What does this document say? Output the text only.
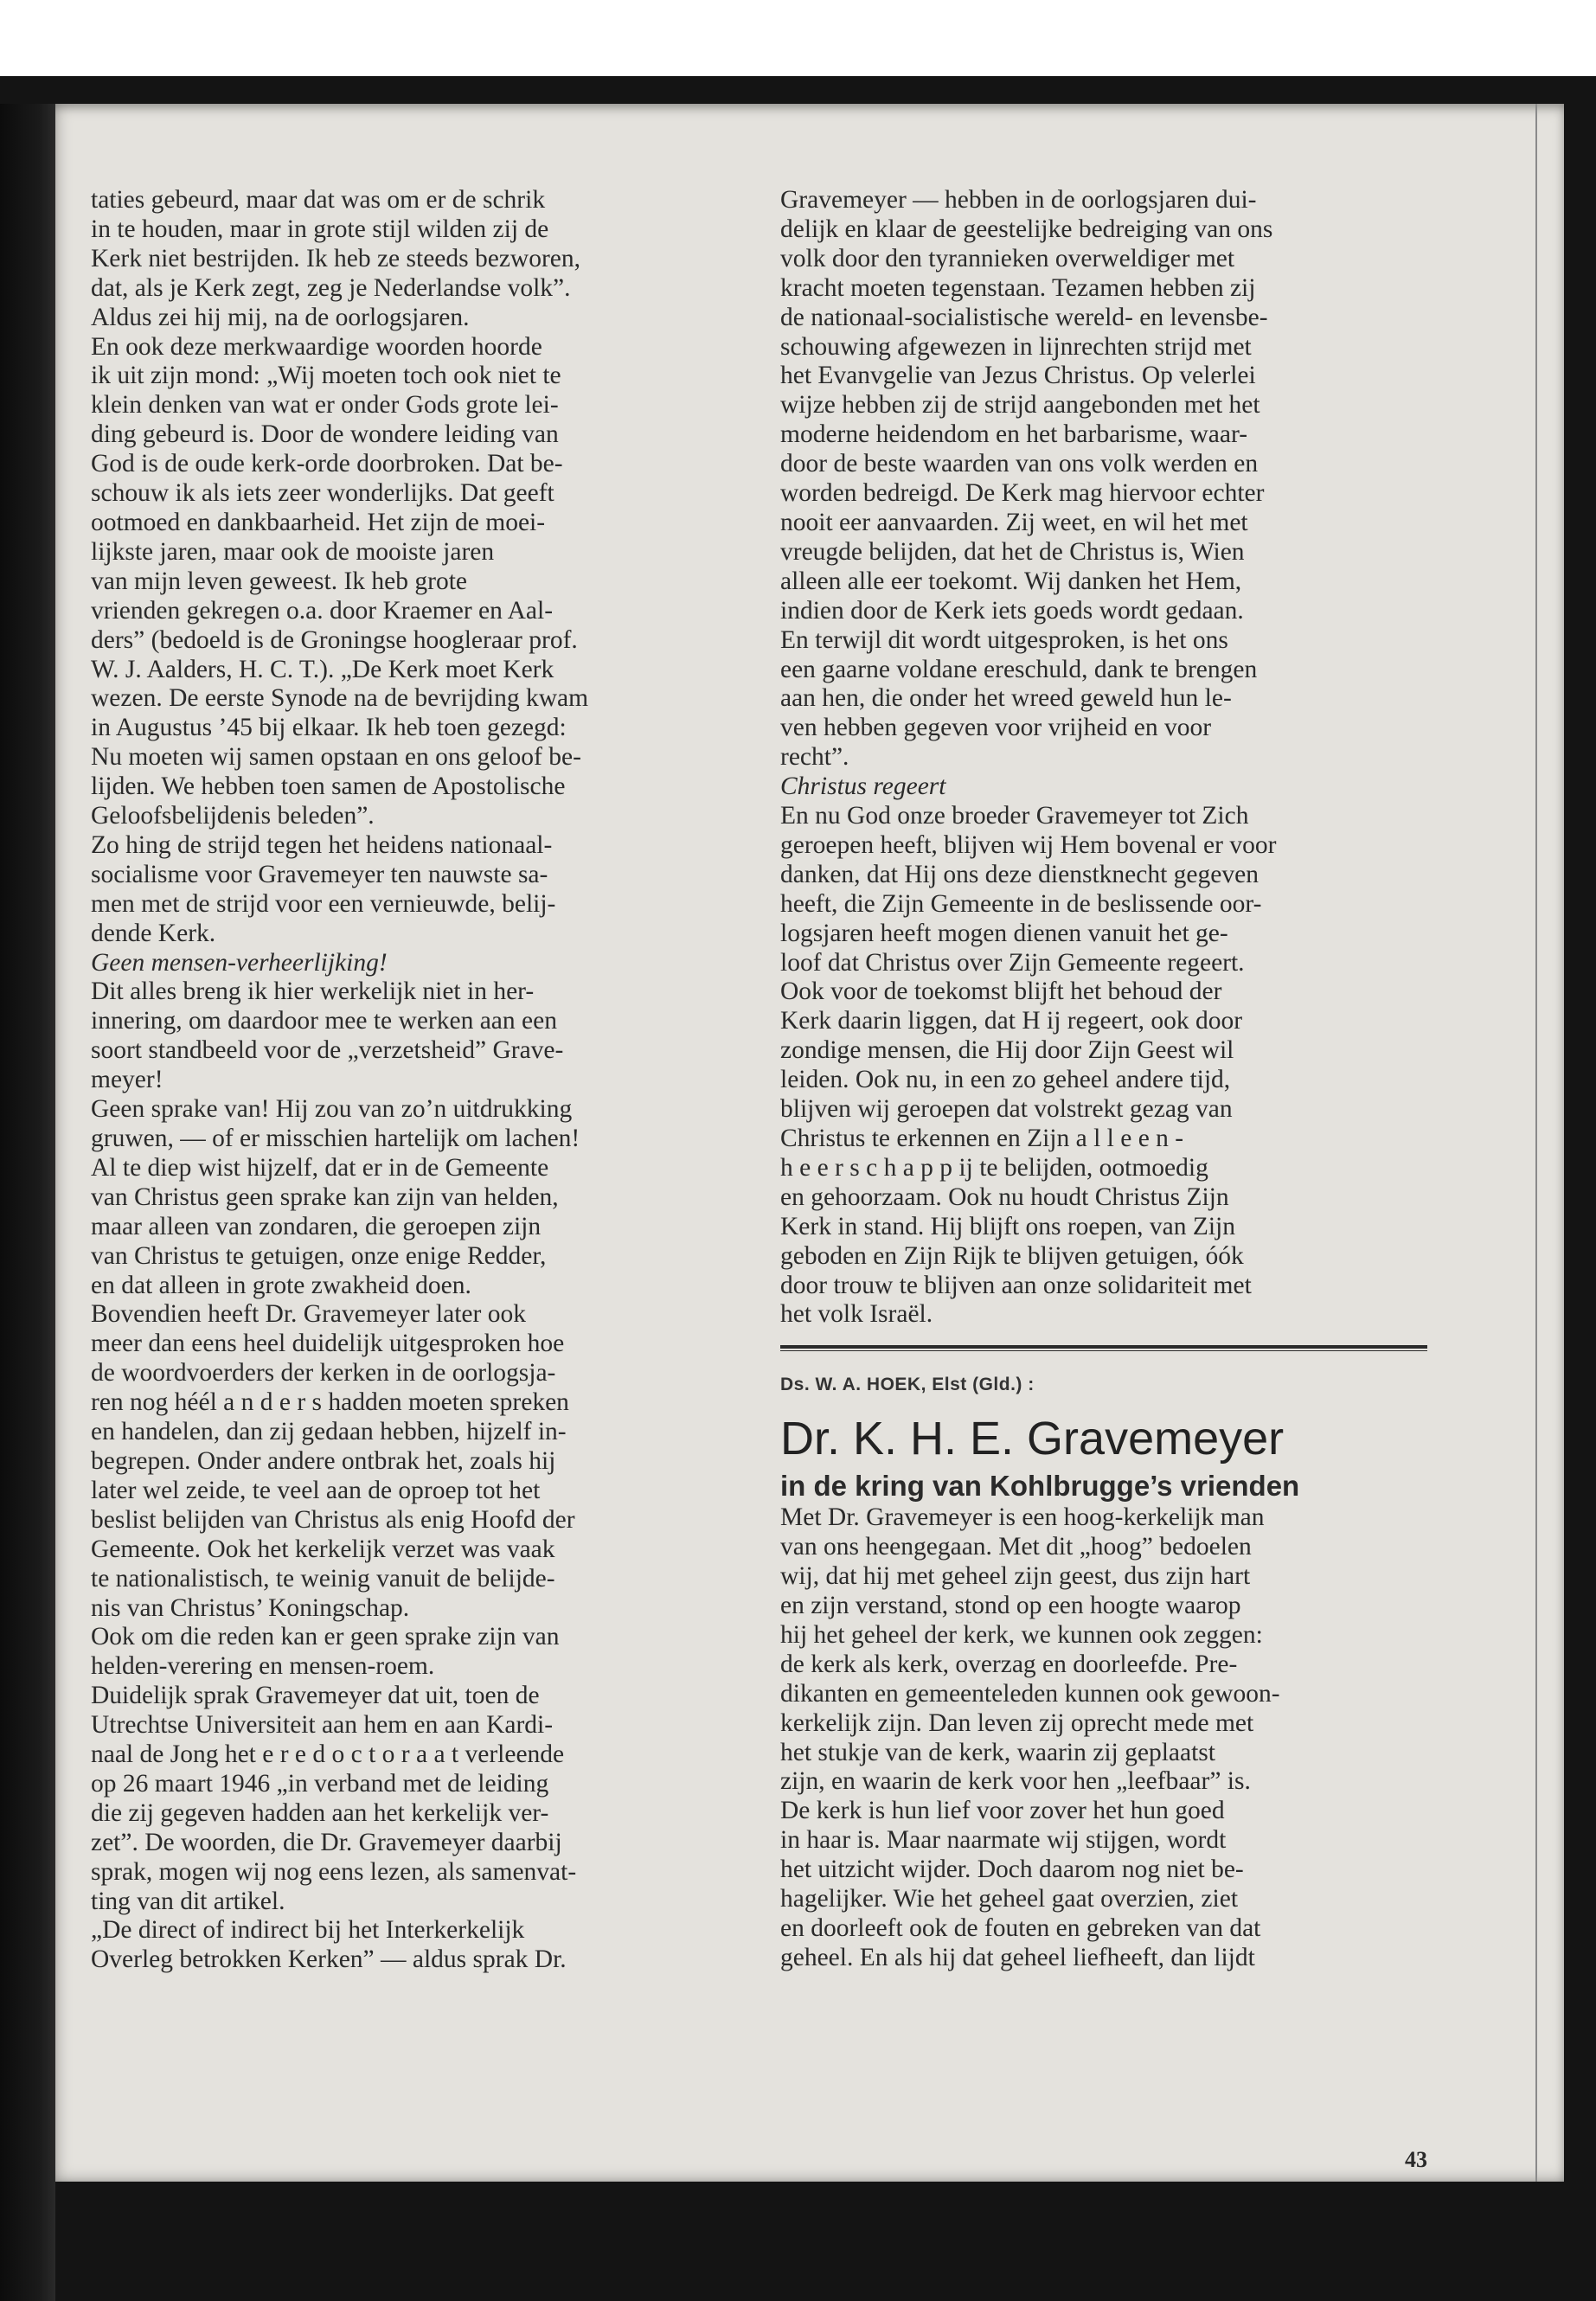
taties gebeurd, maar dat was om er de schrik
in te houden, maar in grote stijl wilden zij de
Kerk niet bestrijden. Ik heb ze steeds bezworen,
dat, als je Kerk zegt, zeg je Nederlandse volk”.
Aldus zei hij mij, na de oorlogsjaren.

En ook deze merkwaardige woorden hoorde
ik uit zijn mond: „Wij moeten toch ook niet te
klein denken van wat er onder Gods grote lei-
ding gebeurd is. Door de wondere leiding van
God is de oude kerk-orde doorbroken. Dat be-
schouw ik als iets zeer wonderlijks. Dat geeft
ootmoed en dankbaarheid. Het zijn de moei-
lijkste jaren, maar ook de mooiste jaren
van mijn leven geweest. Ik heb grote
vrienden gekregen o.a. door Kraemer en Aal-
ders” (bedoeld is de Groningse hoogleraar prof.
W. J. Aalders, H. C. T.). „De Kerk moet Kerk
wezen. De eerste Synode na de bevrijding kwam
in Augustus ’45 bij elkaar. Ik heb toen gezegd:
Nu moeten wij samen opstaan en ons geloof be-
lijden. We hebben toen samen de Apostolische
Geloofsbelijdenis beleden”.

Zo hing de strijd tegen het heidens nationaal-
socialisme voor Gravemeyer ten nauwste sa-
men met de strijd voor een vernieuwde, belij-
dende Kerk.

Geen mensen-verheerlijking!

Dit alles breng ik hier werkelijk niet in her-
innering, om daardoor mee te werken aan een
soort standbeeld voor de „verzetsheid” Grave-
meyer!

Geen sprake van! Hij zou van zo’n uitdrukking
gruwen, — of er misschien hartelijk om lachen!
Al te diep wist hijzelf, dat er in de Gemeente
van Christus geen sprake kan zijn van helden,
maar alleen van zondaren, die geroepen zijn
van Christus te getuigen, onze enige Redder,
en dat alleen in grote zwakheid doen.

Bovendien heeft Dr. Gravemeyer later ook
meer dan eens heel duidelijk uitgesproken hoe
de woordvoerders der kerken in de oorlogsja-
ren nog héél a n d e r s hadden moeten spreken
en handelen, dan zij gedaan hebben, hijzelf in-
begrepen. Onder andere ontbrak het, zoals hij
later wel zeide, te veel aan de oproep tot het
beslist belijden van Christus als enig Hoofd der
Gemeente. Ook het kerkelijk verzet was vaak
te nationalistisch, te weinig vanuit de belijde-
nis van Christus’ Koningschap.

Ook om die reden kan er geen sprake zijn van
helden-verering en mensen-roem.

Duidelijk sprak Gravemeyer dat uit, toen de
Utrechtse Universiteit aan hem en aan Kardi-
naal de Jong het e r e d o c t o r a a t verleende
op 26 maart 1946 „in verband met de leiding
die zij gegeven hadden aan het kerkelijk ver-
zet”. De woorden, die Dr. Gravemeyer daarbij
sprak, mogen wij nog eens lezen, als samenvat-
ting van dit artikel.

„De direct of indirect bij het Interkerkelijk
Overleg betrokken Kerken” — aldus sprak Dr.

Gravemeyer — hebben in de oorlogsjaren dui-
delijk en klaar de geestelijke bedreiging van ons
volk door den tyrannieken overweldiger met
kracht moeten tegenstaan. Tezamen hebben zij
de nationaal-socialistische wereld- en levensbe-
schouwing afgewezen in lijnrechten strijd met
het Evanvgelie van Jezus Christus. Op velerlei
wijze hebben zij de strijd aangebonden met het
moderne heidendom en het barbarisme, waar-
door de beste waarden van ons volk werden en
worden bedreigd. De Kerk mag hiervoor echter
nooit eer aanvaarden. Zij weet, en wil het met
vreugde belijden, dat het de Christus is, Wien
alleen alle eer toekomt. Wij danken het Hem,
indien door de Kerk iets goeds wordt gedaan.
En terwijl dit wordt uitgesproken, is het ons
een gaarne voldane ereschuld, dank te brengen
aan hen, die onder het wreed geweld hun le-
ven hebben gegeven voor vrijheid en voor
recht”.

Christus regeert

En nu God onze broeder Gravemeyer tot Zich
geroepen heeft, blijven wij Hem bovenal er voor
danken, dat Hij ons deze dienstknecht gegeven
heeft, die Zijn Gemeente in de beslissende oor-
logsjaren heeft mogen dienen vanuit het ge-
loof dat Christus over Zijn Gemeente regeert.
Ook voor de toekomst blijft het behoud der
Kerk daarin liggen, dat H ij regeert, ook door
zondige mensen, die Hij door Zijn Geest wil
leiden. Ook nu, in een zo geheel andere tijd,
blijven wij geroepen dat volstrekt gezag van
Christus te erkennen en Zijn a l l e e n -
h e e r s c h a p p ij te belijden, ootmoedig
en gehoorzaam. Ook nu houdt Christus Zijn
Kerk in stand. Hij blijft ons roepen, van Zijn
geboden en Zijn Rijk te blijven getuigen, óók
door trouw te blijven aan onze solidariteit met
het volk Israël.

Ds. W. A. HOEK, Elst (Gld.) :
Dr. K. H. E. Gravemeyer
in de kring van Kohlbrugge’s vrienden

Met Dr. Gravemeyer is een hoog-kerkelijk man
van ons heengegaan. Met dit „hoog” bedoelen
wij, dat hij met geheel zijn geest, dus zijn hart
en zijn verstand, stond op een hoogte waarop
hij het geheel der kerk, we kunnen ook zeggen:
de kerk als kerk, overzag en doorleefde. Pre-
dikanten en gemeenteleden kunnen ook gewoon-
kerkelijk zijn. Dan leven zij oprecht mede met
het stukje van de kerk, waarin zij geplaatst
zijn, en waarin de kerk voor hen „leefbaar” is.
De kerk is hun lief voor zover het hun goed
in haar is. Maar naarmate wij stijgen, wordt
het uitzicht wijder. Doch daarom nog niet be-
hagelijker. Wie het geheel gaat overzien, ziet
en doorleeft ook de fouten en gebreken van dat
geheel. En als hij dat geheel liefheeft, dan lijdt

43
